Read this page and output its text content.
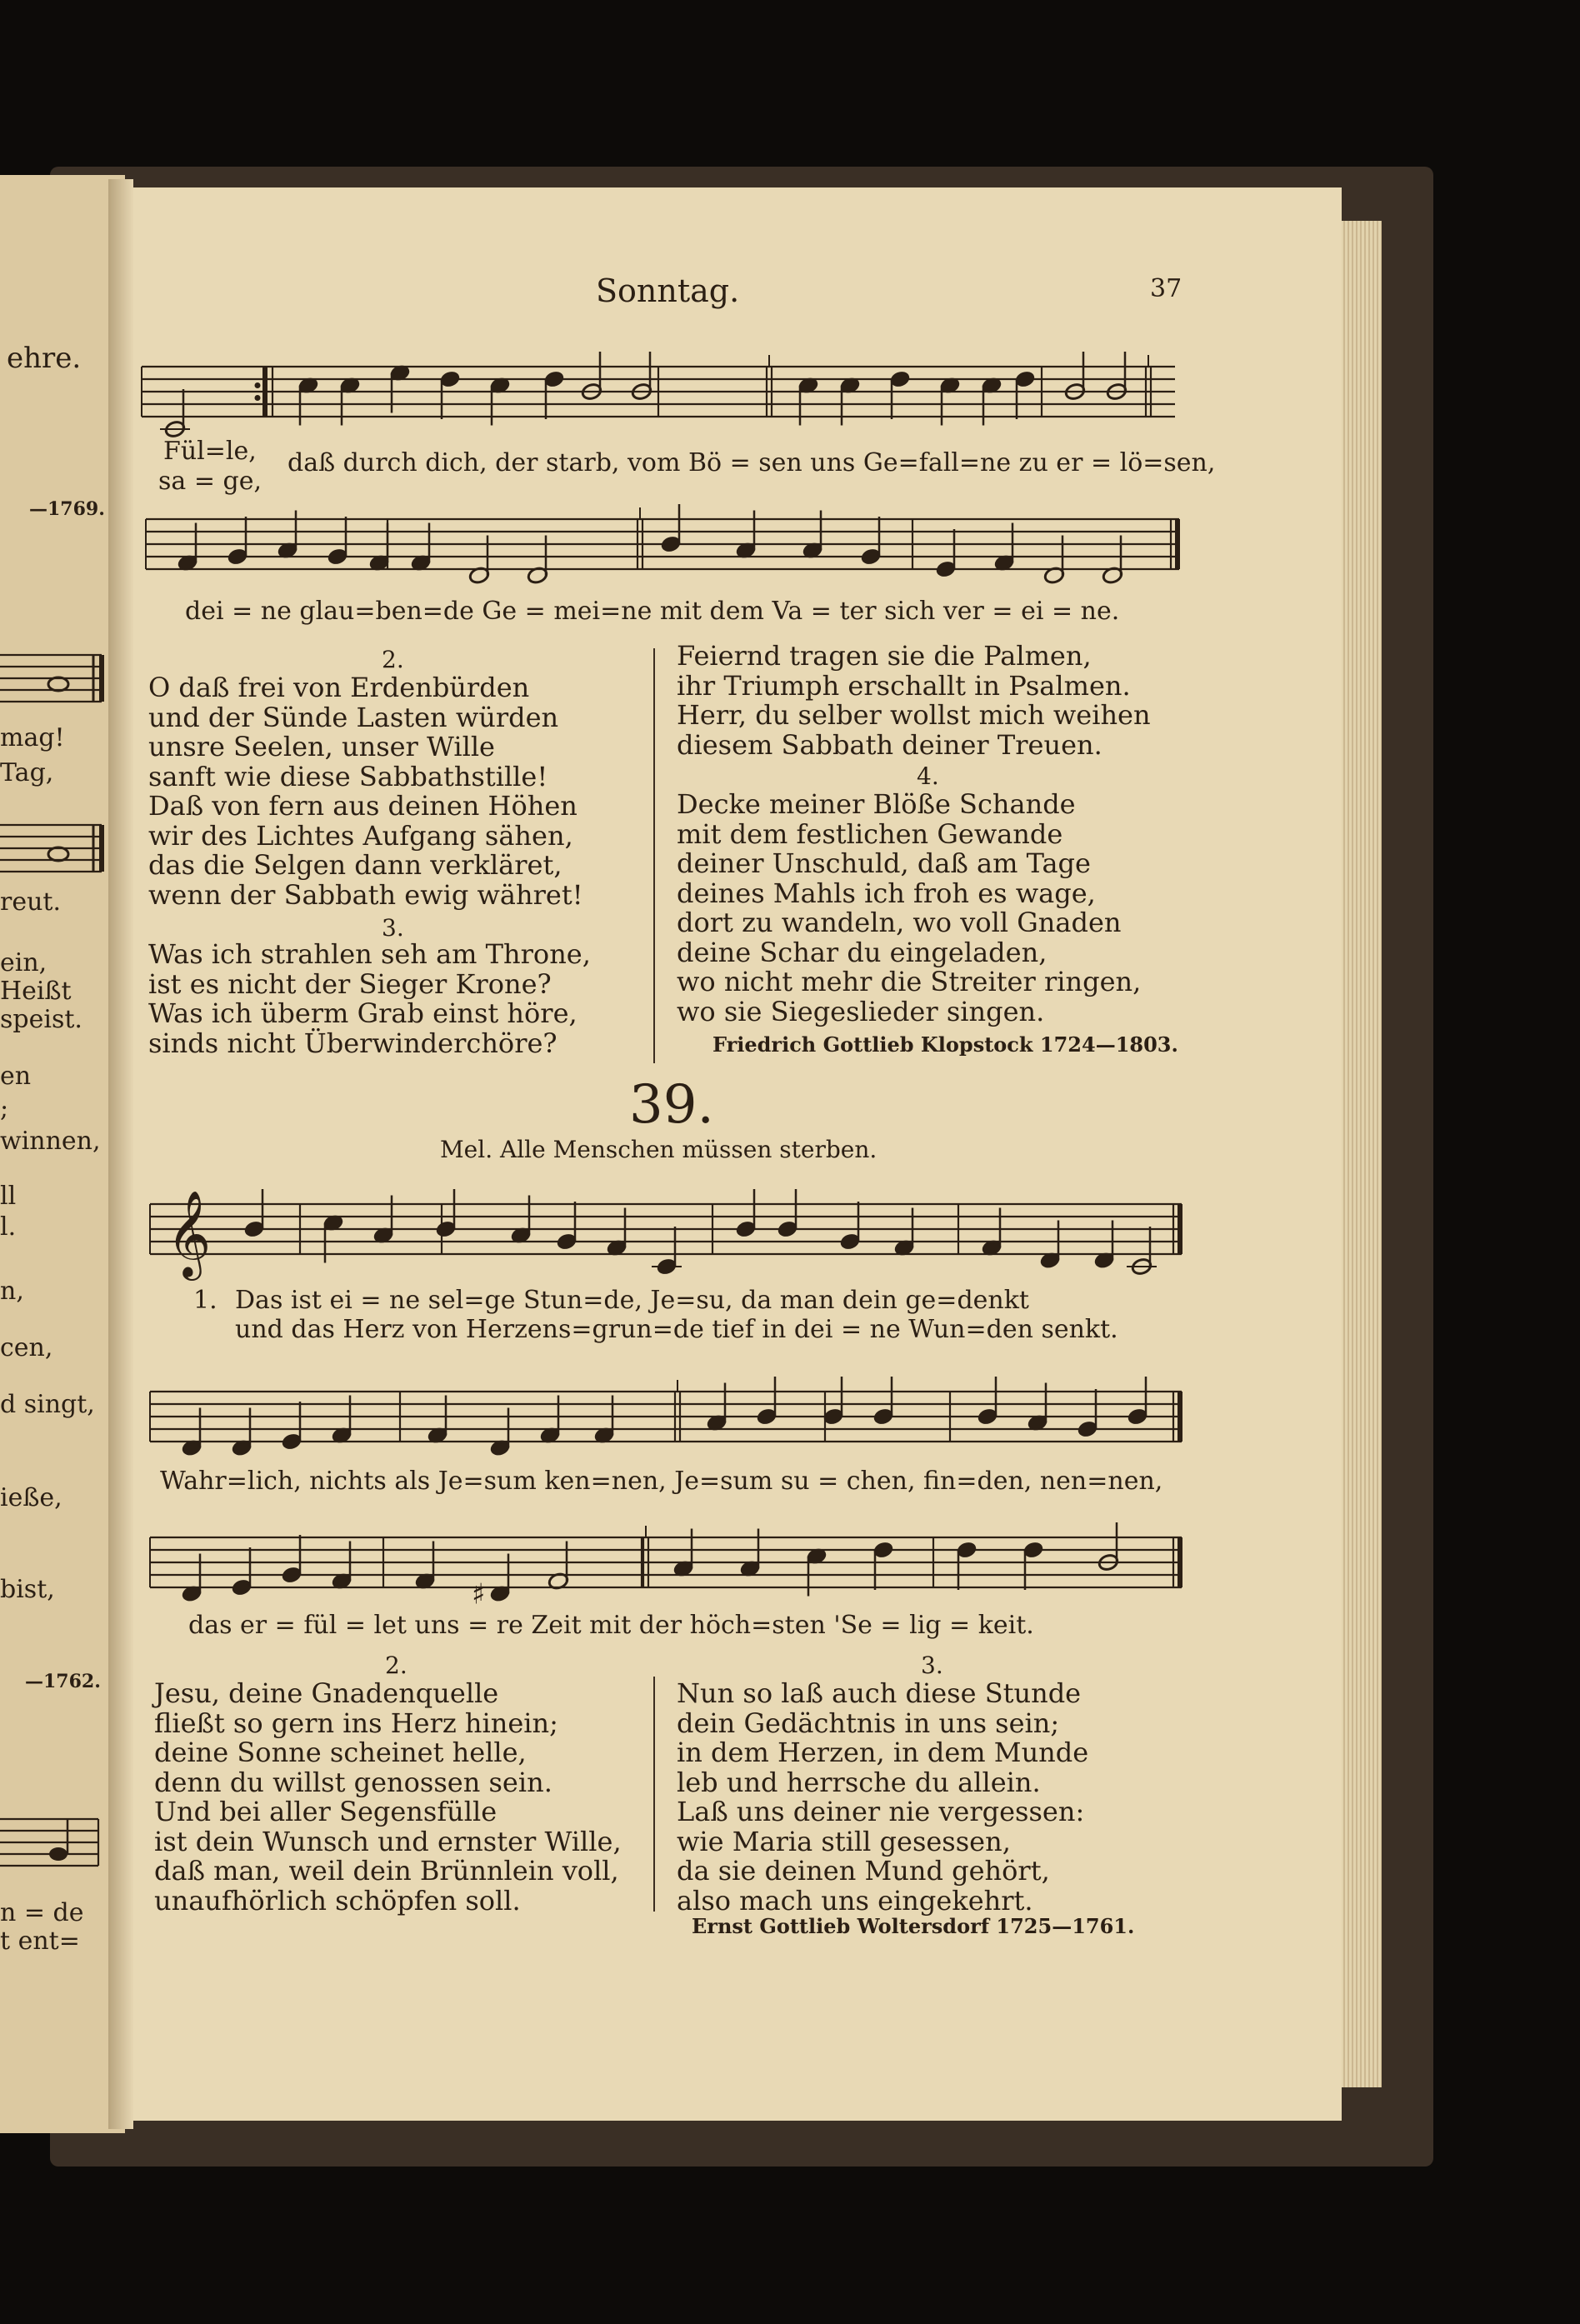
ehre.
—1769.
mag!
Tag,
reut.
ein,
Heißt
speist.
en
;
winnen,
ll
l.
n,
cen,
d singt,
ieße,
bist,
—1762.
n = de
t ent=
Sonntag.	37
Fül=le,
sa = ge,
daß durch dich, der starb, vom Bö = sen uns Ge=fall=ne zu er = lö=sen,
dei = ne glau=ben=de Ge = mei=ne mit dem Va = ter sich ver = ei = ne.
2.
O daß frei von Erdenbürden
und der Sünde Lasten würden
unsre Seelen, unser Wille
sanft wie diese Sabbathstille!
Daß von fern aus deinen Höhen
wir des Lichtes Aufgang sähen,
das die Selgen dann verkläret,
wenn der Sabbath ewig währet!
3.
Was ich strahlen seh am Throne,
ist es nicht der Sieger Krone?
Was ich überm Grab einst höre,
sinds nicht Überwinderchöre?
Feiernd tragen sie die Palmen,
ihr Triumph erschallt in Psalmen.
Herr, du selber wollst mich weihen
diesem Sabbath deiner Treuen.
4.
Decke meiner Blöße Schande
mit dem festlichen Gewande
deiner Unschuld, daß am Tage
deines Mahls ich froh es wage,
dort zu wandeln, wo voll Gnaden
deine Schar du eingeladen,
wo nicht mehr die Streiter ringen,
wo sie Siegeslieder singen.
Friedrich Gottlieb Klopstock 1724—1803.
39.
Mel. Alle Menschen müssen sterben.
𝄞
1. Das ist ei = ne sel=ge Stun=de, Je=su, da man dein ge=denkt
und das Herz von Herzens=grun=de tief in dei = ne Wun=den senkt.
Wahr=lich, nichts als Je=sum ken=nen, Je=sum su = chen, fin=den, nen=nen,
♯
das er = fül = let uns = re Zeit mit der höch=sten 'Se = lig = keit.
2.
Jesu, deine Gnadenquelle
fließt so gern ins Herz hinein;
deine Sonne scheinet helle,
denn du willst genossen sein.
Und bei aller Segensfülle
ist dein Wunsch und ernster Wille,
daß man, weil dein Brünnlein voll,
unaufhörlich schöpfen soll.
3.
Nun so laß auch diese Stunde
dein Gedächtnis in uns sein;
in dem Herzen, in dem Munde
leb und herrsche du allein.
Laß uns deiner nie vergessen:
wie Maria still gesessen,
da sie deinen Mund gehört,
also mach uns eingekehrt.
Ernst Gottlieb Woltersdorf 1725—1761.
